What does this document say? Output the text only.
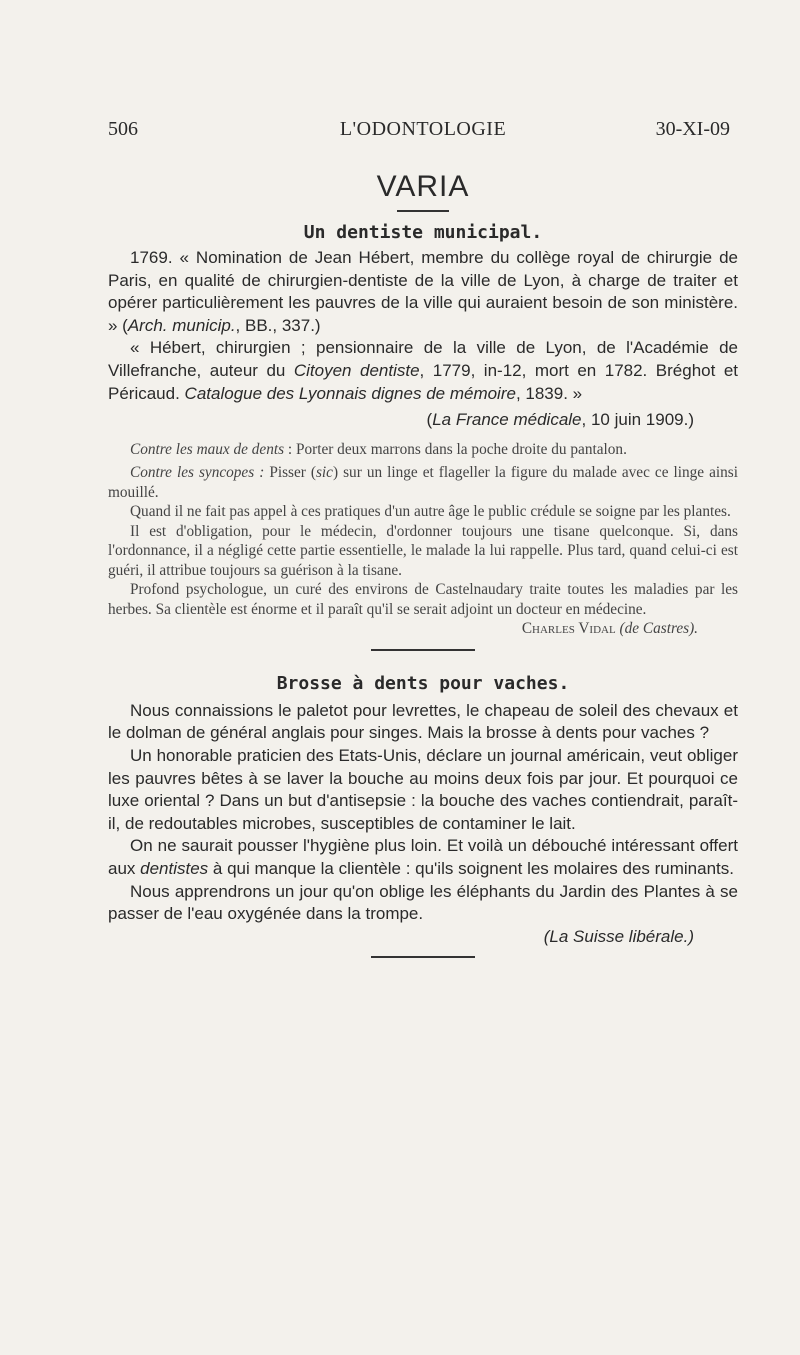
506	L'ODONTOLOGIE	30-XI-09
VARIA
Un dentiste municipal.

1769. « Nomination de Jean Hébert, membre du collège royal de chirurgie de Paris, en qualité de chirurgien-dentiste de la ville de Lyon, à charge de traiter et opérer particulièrement les pauvres de la ville qui auraient besoin de son ministère. » (Arch. municip., BB., 337.)

« Hébert, chirurgien ; pensionnaire de la ville de Lyon, de l'Académie de Villefranche, auteur du Citoyen dentiste, 1779, in-12, mort en 1782. Bréghot et Péricaud. Catalogue des Lyonnais dignes de mémoire, 1839. »

(La France médicale, 10 juin 1909.)

Contre les maux de dents : Porter deux marrons dans la poche droite du pantalon.

Contre les syncopes : Pisser (sic) sur un linge et flageller la figure du malade avec ce linge ainsi mouillé.

Quand il ne fait pas appel à ces pratiques d'un autre âge le public crédule se soigne par les plantes.

Il est d'obligation, pour le médecin, d'ordonner toujours une tisane quelconque. Si, dans l'ordonnance, il a négligé cette partie essentielle, le malade la lui rappelle. Plus tard, quand celui-ci est guéri, il attribue toujours sa guérison à la tisane.

Profond psychologue, un curé des environs de Castelnaudary traite toutes les maladies par les herbes. Sa clientèle est énorme et il paraît qu'il se serait adjoint un docteur en médecine.

Charles Vidal (de Castres).

Brosse à dents pour vaches.

Nous connaissions le paletot pour levrettes, le chapeau de soleil des chevaux et le dolman de général anglais pour singes. Mais la brosse à dents pour vaches ?

Un honorable praticien des Etats-Unis, déclare un journal américain, veut obliger les pauvres bêtes à se laver la bouche au moins deux fois par jour. Et pourquoi ce luxe oriental ? Dans un but d'antisepsie : la bouche des vaches contiendrait, paraît-il, de redoutables microbes, susceptibles de contaminer le lait.

On ne saurait pousser l'hygiène plus loin. Et voilà un débouché intéressant offert aux dentistes à qui manque la clientèle : qu'ils soignent les molaires des ruminants.

Nous apprendrons un jour qu'on oblige les éléphants du Jardin des Plantes à se passer de l'eau oxygénée dans la trompe.

(La Suisse libérale.)
